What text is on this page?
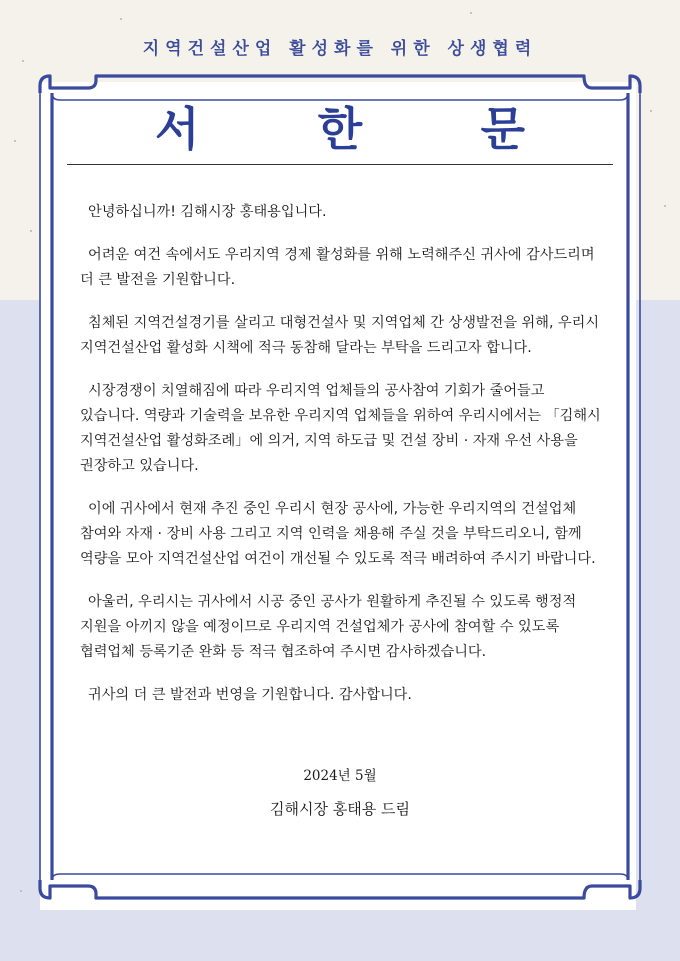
지역건설산업 활성화를 위한 상생협력
서	한	문

안녕하십니까! 김해시장 홍태용입니다.

어려운 여건 속에서도 우리지역 경제 활성화를 위해 노력해주신 귀사에 감사드리며 더 큰 발전을 기원합니다.

침체된 지역건설경기를 살리고 대형건설사 및 지역업체 간 상생발전을 위해, 우리시 지역건설산업 활성화 시책에 적극 동참해 달라는 부탁을 드리고자 합니다.

시장경쟁이 치열해짐에 따라 우리지역 업체들의 공사참여 기회가 줄어들고 있습니다. 역량과 기술력을 보유한 우리지역 업체들을 위하여 우리시에서는 「김해시 지역건설산업 활성화조례」에 의거, 지역 하도급 및 건설 장비 · 자재 우선 사용을 권장하고 있습니다.

이에 귀사에서 현재 추진 중인 우리시 현장 공사에, 가능한 우리지역의 건설업체 참여와 자재 · 장비 사용 그리고 지역 인력을 채용해 주실 것을 부탁드리오니, 함께 역량을 모아 지역건설산업 여건이 개선될 수 있도록 적극 배려하여 주시기 바랍니다.

아울러, 우리시는 귀사에서 시공 중인 공사가 원활하게 추진될 수 있도록 행정적 지원을 아끼지 않을 예정이므로 우리지역 건설업체가 공사에 참여할 수 있도록 협력업체 등록기준 완화 등 적극 협조하여 주시면 감사하겠습니다.

귀사의 더 큰 발전과 번영을 기원합니다. 감사합니다.

2024년 5월
김해시장 홍태용 드림
